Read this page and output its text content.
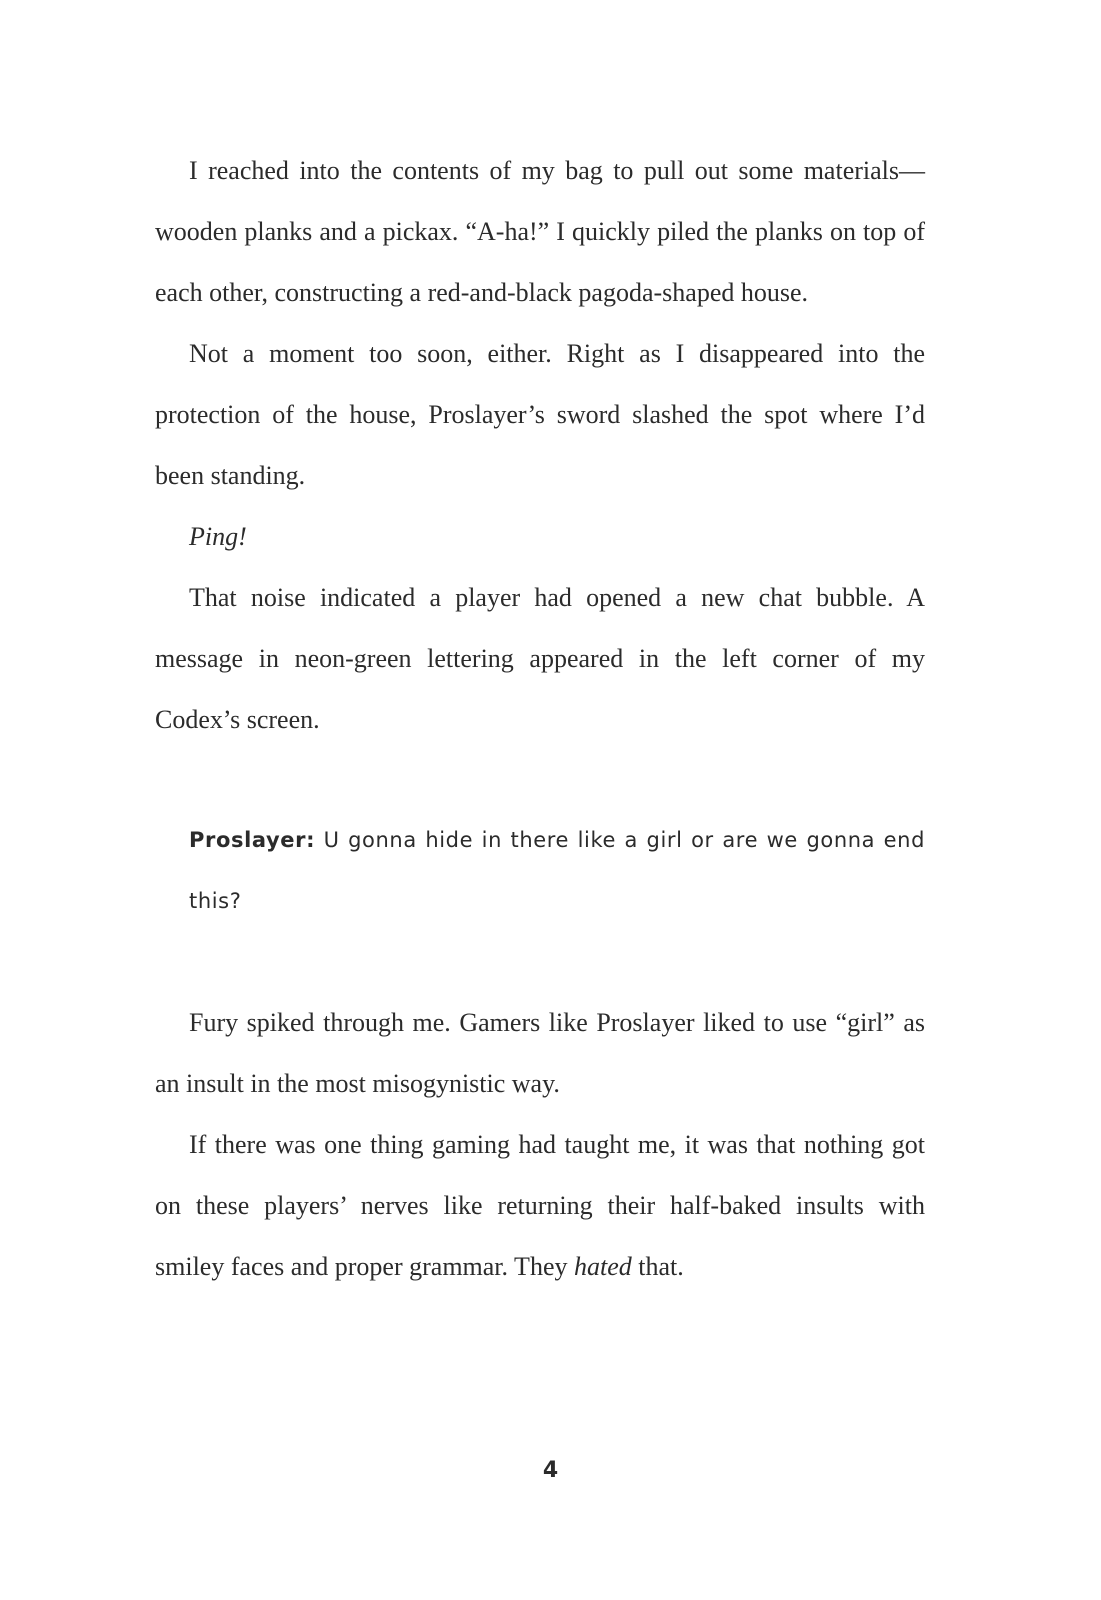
I reached into the contents of my bag to pull out some materials—wooden planks and a pickax. “A-ha!” I quickly piled the planks on top of each other, constructing a red-and-black pagoda-shaped house.

Not a moment too soon, either. Right as I disappeared into the protection of the house, Proslayer’s sword slashed the spot where I’d been standing.

Ping!

That noise indicated a player had opened a new chat bubble. A message in neon-green lettering appeared in the left corner of my Codex’s screen.

Proslayer: U gonna hide in there like a girl or are we gonna end this?

Fury spiked through me. Gamers like Proslayer liked to use “girl” as an insult in the most misogynistic way.

If there was one thing gaming had taught me, it was that nothing got on these players’ nerves like returning their half-baked insults with smiley faces and proper grammar. They hated that.

4
